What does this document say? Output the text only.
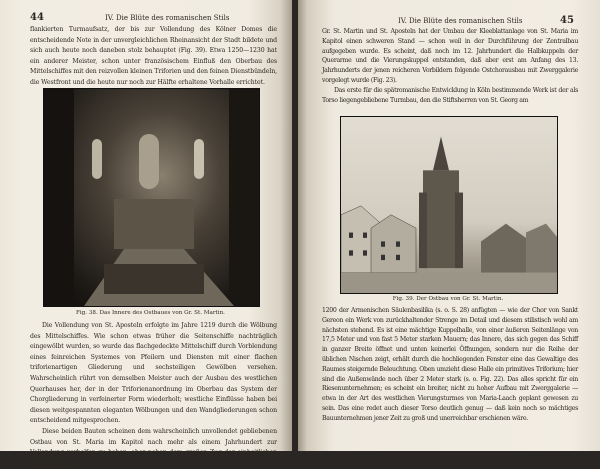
44	IV. Die Blüte des romanischen Stils
flankierten Turmaufsatz, der bis zur Vollendung des Kölner Domes die entscheidende Note in der unvergleichlichen Rheinansicht der Stadt bildete und sich auch heute noch daneben stolz behauptet (Fig. 39). Etwa 1250—1230 hat ein anderer Meister, schon unter französischem Einfluß den Oberbau des Mittelschiffes mit den reizvollen kleinen Triforien und den feinen Dienstbündeln, die Westfront und die heute nur noch zur Hälfte erhaltene Vorhalle errichtet.
Fig. 38. Das Innere des Ostbaues von Gr. St. Martin.

Die Vollendung von St. Aposteln erfolgte im Jahre 1219 durch die Wölbung des Mittelschiffes. Wie schon etwas früher die Seitenschiffe nachträglich eingewölbt wurden, so wurde das flachgedeckte Mittelschiff durch Vorblendung eines feinreichen Systemes von Pfeilern und Diensten mit einer flachen triforienartigen Gliederung und sechsteiligen Gewölben versehen. Wahrscheinlich rührt von demselben Meister auch der Ausbau des westlichen Querhauses her, der in der Triforienanordnung im Oberbau das System der Chorgliederung in verfeinerter Form wiederholt; westliche Einflüsse haben bei diesen weitgespannten eleganten Wölbungen und den Wandgliederungen schon entscheidend mitgesprochen.

Diese beiden Bauten scheinen dem wahrscheinlich unvollendet gebliebenen Ostbau von St. Maria im Kapitol nach mehr als einem Jahrhundert zur Vollendung verholfen zu haben, aber neben dem großen Zug der einheitlichen Ostwerke von

IV. Die Blüte des romanischen Stils	45

Gr. St. Martin und St. Aposteln hat der Umbau der Kleeblattanlage von St. Maria im Kapitol einen schweren Stand — schon weil in der Durchführung der Zentralbau aufgegeben wurde. Es scheint, daß noch im 12. Jahrhundert die Halbkuppeln der Querarme und die Vierungskuppel entstanden, daß aber erst am Anfang des 13. Jahrhunderts der jenen reicheren Vorbildern folgende Ostchorausbau mit Zwerggalerie vorgelegt wurde (Fig. 23).

Das erste für die spätromanische Entwicklung in Köln bestimmende Werk ist der als Torso liegengebliebene Turmbau, den die Stiftsherren von St. Georg am

Fig. 39. Der Ostbau von Gr. St. Martin.
1200 der Armenischen Säulenbasilika (s. o. S. 28) anfügten — wie der Chor von Sankt Gereon ein Werk von zurückhaltender Strenge im Detail und diesem stilistisch wohl am nächsten stehend. Es ist eine mächtige Kuppelhalle, von einer äußeren Seitenlänge von 17,5 Meter und von fast 5 Meter starken Mauern; das Innere, das sich gegen das Schiff in ganzer Breite öffnet und unten keinerlei Öffnungen, sondern nur die Reihe der üblichen Nischen zeigt, erhält durch die hochliegenden Fenster eine das Gewaltige des Raumes steigernde Beleuchtung. Oben umzieht diese Halle ein primitives Triforium; hier sind die Außenwände noch über 2 Meter stark (s. o. Fig. 22). Das alles spricht für ein Riesenunternehmen; es scheint ein breiter, nicht zu hoher Aufbau mit Zwerggalerie — etwa in der Art des westlichen Vierungsturmes von Maria-Laach geplant gewesen zu sein. Das eine redet auch dieser Torso deutlich genug — daß kein noch so mächtiges Bauunternehmen jener Zeit zu groß und unerreichbar erschienen wäre.
